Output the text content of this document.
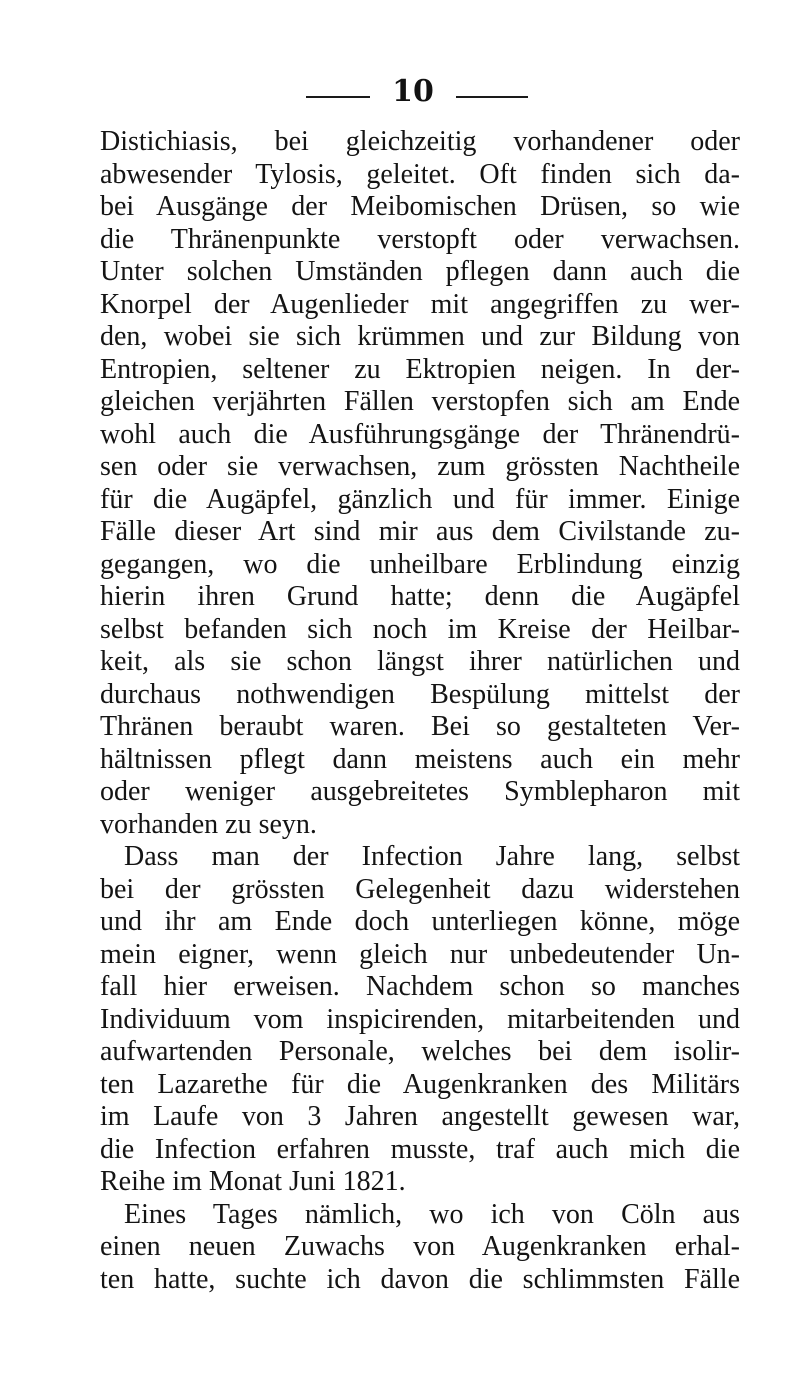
10
Distichiasis, bei gleichzeitig vorhandener oder
abwesender Tylosis, geleitet. Oft finden sich da-
bei Ausgänge der Meibomischen Drüsen, so wie
die Thränenpunkte verstopft oder verwachsen.
Unter solchen Umständen pflegen dann auch die
Knorpel der Augenlieder mit angegriffen zu wer-
den, wobei sie sich krümmen und zur Bildung von
Entropien, seltener zu Ektropien neigen. In der-
gleichen verjährten Fällen verstopfen sich am Ende
wohl auch die Ausführungsgänge der Thränendrü-
sen oder sie verwachsen, zum grössten Nachtheile
für die Augäpfel, gänzlich und für immer. Einige
Fälle dieser Art sind mir aus dem Civilstande zu-
gegangen, wo die unheilbare Erblindung einzig
hierin ihren Grund hatte; denn die Augäpfel
selbst befanden sich noch im Kreise der Heilbar-
keit, als sie schon längst ihrer natürlichen und
durchaus nothwendigen Bespülung mittelst der
Thränen beraubt waren. Bei so gestalteten Ver-
hältnissen pflegt dann meistens auch ein mehr
oder weniger ausgebreitetes Symblepharon mit
vorhanden zu seyn.
Dass man der Infection Jahre lang, selbst
bei der grössten Gelegenheit dazu widerstehen
und ihr am Ende doch unterliegen könne, möge
mein eigner, wenn gleich nur unbedeutender Un-
fall hier erweisen. Nachdem schon so manches
Individuum vom inspicirenden, mitarbeitenden und
aufwartenden Personale, welches bei dem isolir-
ten Lazarethe für die Augenkranken des Militärs
im Laufe von 3 Jahren angestellt gewesen war,
die Infection erfahren musste, traf auch mich die
Reihe im Monat Juni 1821.
Eines Tages nämlich, wo ich von Cöln aus
einen neuen Zuwachs von Augenkranken erhal-
ten hatte, suchte ich davon die schlimmsten Fälle
